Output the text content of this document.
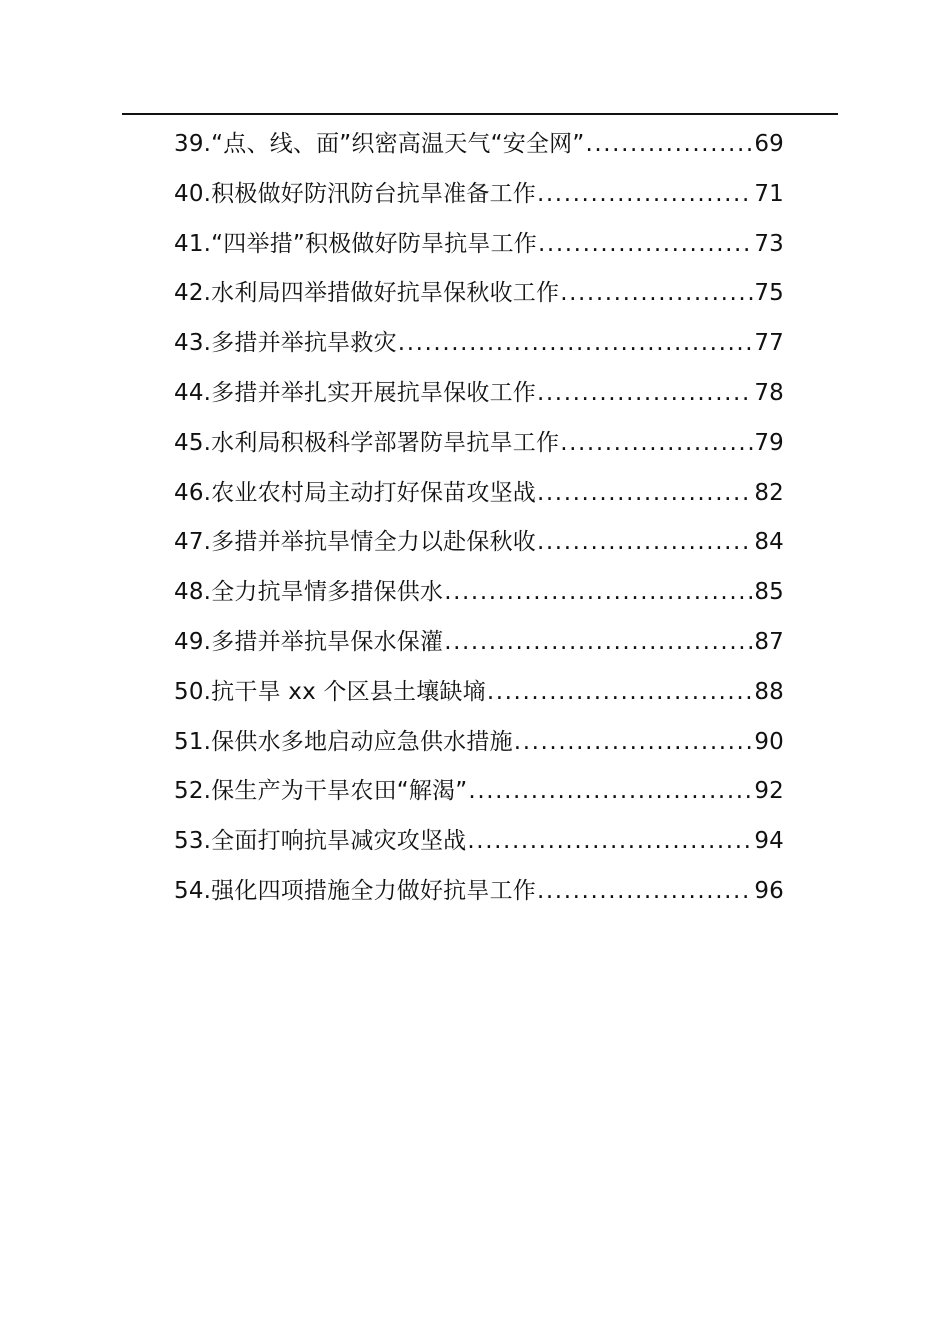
39.“点、线、面”织密高温天气“安全网” .....	69
40.积极做好防汛防台抗旱准备工作 .....	71
41.“四举措”积极做好防旱抗旱工作 .....	73
42.水利局四举措做好抗旱保秋收工作 .....	75
43.多措并举抗旱救灾 .....	77
44.多措并举扎实开展抗旱保收工作 .....	78
45.水利局积极科学部署防旱抗旱工作 .....	79
46.农业农村局主动打好保苗攻坚战 .....	82
47.多措并举抗旱情全力以赴保秋收 .....	84
48.全力抗旱情多措保供水 .....	85
49.多措并举抗旱保水保灌 .....	87
50.抗干旱 xx 个区县土壤缺墒 .....	88
51.保供水多地启动应急供水措施 .....	90
52.保生产为干旱农田“解渴” .....	92
53.全面打响抗旱减灾攻坚战 .....	94
54.强化四项措施全力做好抗旱工作 .....	96
